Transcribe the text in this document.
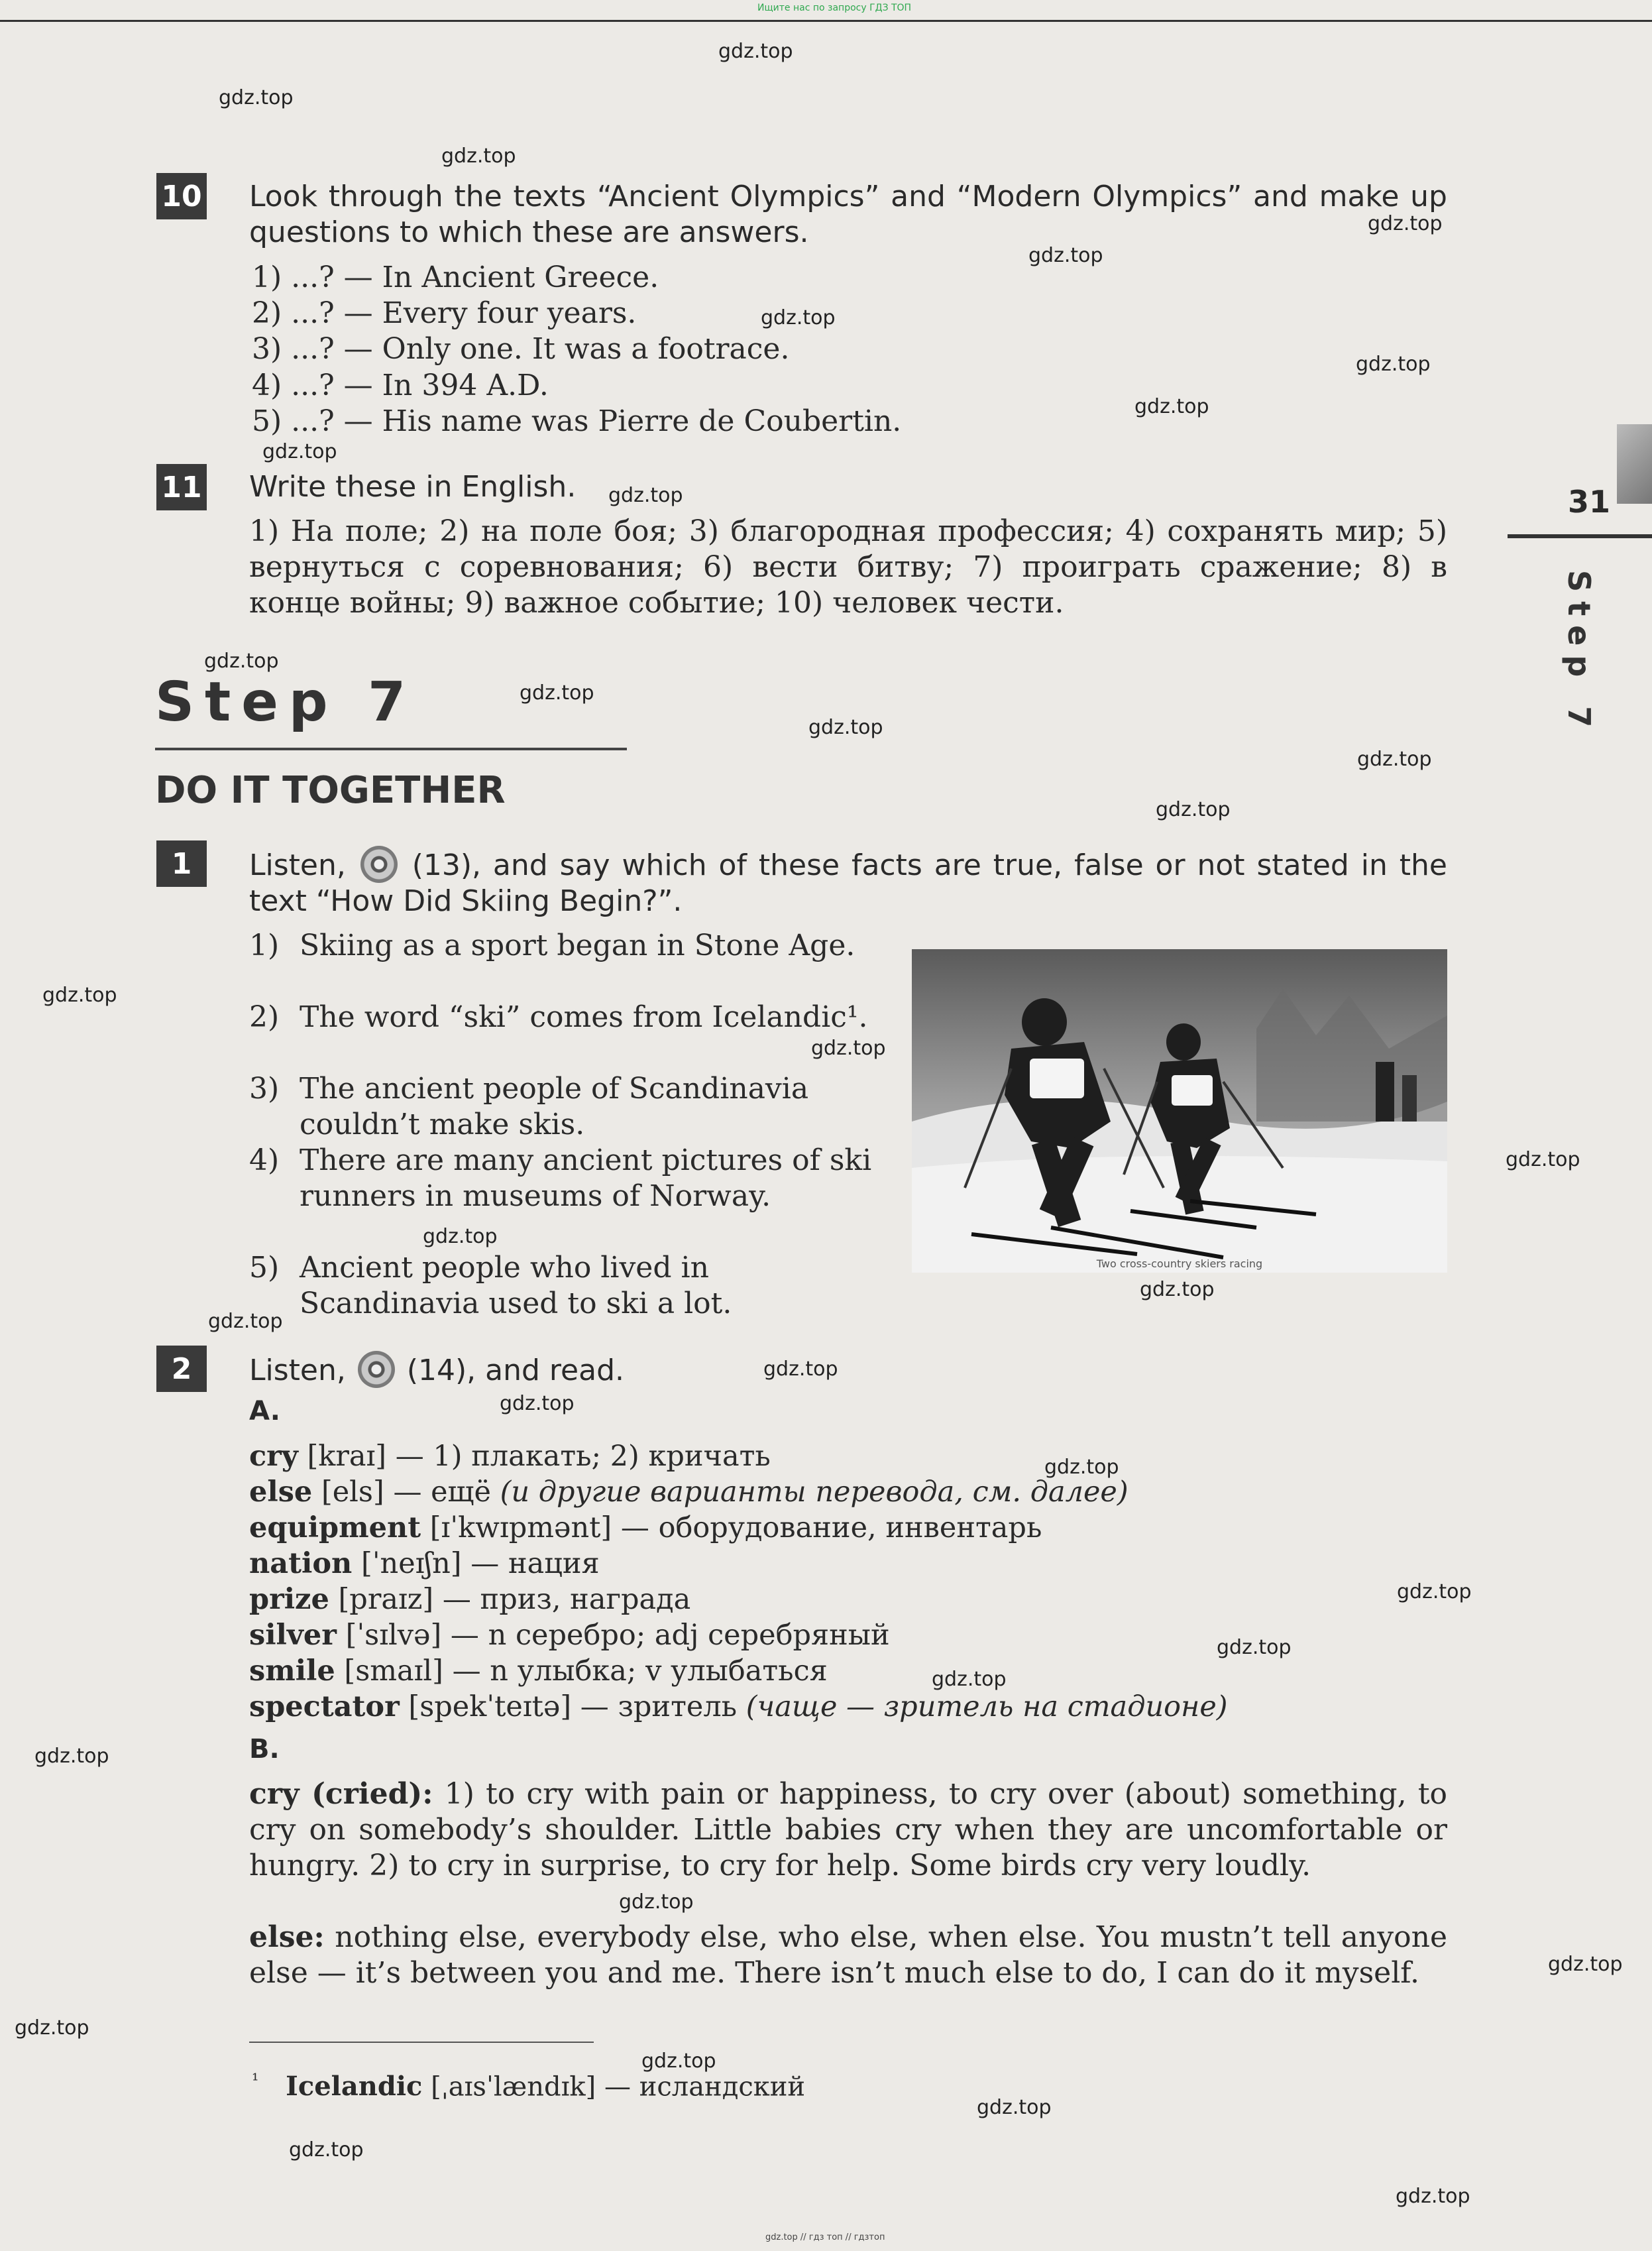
Ищите нас по запросу ГДЗ ТОП
gdz.top // гдз топ // гдзтоп
31
Step 7
10 Look through the texts “Ancient Olympics” and “Modern Olympics” and make up questions to which these are answers.
1) ...? — In Ancient Greece.
2) ...? — Every four years.
3) ...? — Only one. It was a footrace.
4) ...? — In 394 A.D.
5) ...? — His name was Pierre de Coubertin.
11 Write these in English.
1) На поле; 2) на поле боя; 3) благородная профессия; 4) сохранять мир; 5) вернуться с соревнования; 6) вести битву; 7) проиграть сражение; 8) в конце войны; 9) важное событие; 10) человек чести.
Step 7
DO IT TOGETHER
1	Listen, (13), and say which of these facts are true, false or not stated in the text “How Did Skiing Begin?”.
1) Skiing as a sport began in Stone Age.
2) The word “ski” comes from Icelandic¹.
3) The ancient people of Scandinavia couldn’t make skis.
4) There are many ancient pictures of ski runners in museums of Norway.
5) Ancient people who lived in Scandinavia used to ski a lot.
Two cross-country skiers racing
2	Listen, (14), and read.
A.
cry [kraɪ] — 1) плакать; 2) кричать
else [els] — ещё (и другие варианты перевода, см. далее)
equipment [ɪˈkwɪpmənt] — оборудование, инвентарь
nation [ˈneɪʃn] — нация
prize [praɪz] — приз, награда
silver [ˈsɪlvə] — n серебро; adj серебряный
smile [smaɪl] — n улыбка; v улыбаться
spectator [spekˈteɪtə] — зритель (чаще — зритель на стадионе)
B.
cry (cried): 1) to cry with pain or happiness, to cry over (about) something, to cry on somebody’s shoulder. Little babies cry when they are uncomfortable or hungry. 2) to cry in surprise, to cry for help. Some birds cry very loudly.
else: nothing else, everybody else, who else, when else. You mustn’t tell anyone else — it’s between you and me. There isn’t much else to do, I can do it myself.
$^{^1}$ Icelandic [ˌaɪsˈlændɪk] — исландский
gdz.top
gdz.top
gdz.top
gdz.top
gdz.top
gdz.top
gdz.top
gdz.top
gdz.top
gdz.top
gdz.top
gdz.top
gdz.top
gdz.top
gdz.top
gdz.top
gdz.top
gdz.top
gdz.top
gdz.top
gdz.top
gdz.top
gdz.top
gdz.top
gdz.top
gdz.top
gdz.top
gdz.top
gdz.top
gdz.top
gdz.top
gdz.top
gdz.top
gdz.top
gdz.top
